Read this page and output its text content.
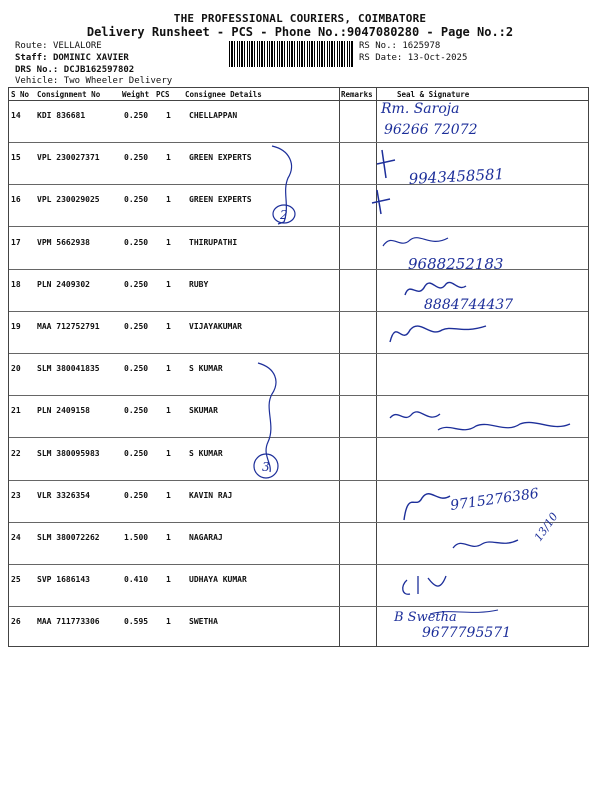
THE PROFESSIONAL COURIERS, COIMBATORE
Delivery Runsheet - PCS - Phone No.:9047080280 - Page No.:2
Route: VELLALORE
Staff: DOMINIC XAVIER
DRS No.: DCJB162597802
Vehicle: Two Wheeler Delivery
RS No.: 1625978
RS Date: 13-Oct-2025
S No Consignment No	Weight PCS Consignee Details	Remarks	Seal & Signature
14 KDI 836681	0.250 1 CHELLAPPAN
15 VPL 230027371	0.250 1 GREEN EXPERTS
16 VPL 230029025	0.250 1 GREEN EXPERTS
17 VPM 5662938	0.250 1 THIRUPATHI
18 PLN 2409302	0.250 1 RUBY
19 MAA 712752791	0.250 1 VIJAYAKUMAR
20 SLM 380041835	0.250 1 S KUMAR
21 PLN 2409158	0.250 1 SKUMAR
22 SLM 380095983	0.250 1 S KUMAR
23 VLR 3326354	0.250 1 KAVIN RAJ
24 SLM 380072262	1.500 1 NAGARAJ
25 SVP 1686143	0.410 1 UDHAYA KUMAR
26 MAA 711773306	0.595 1 SWETHA
Rm. Saroja
96266 72072
9943458581
2
9688252183
8884744437
3
9715276386
13/10
B Swetha
9677795571
